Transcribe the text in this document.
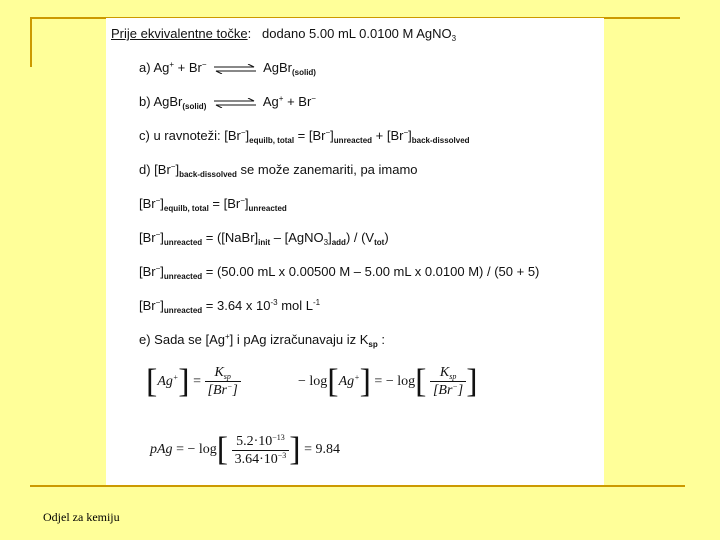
Prije ekvivalentne točke: dodano 5.00 mL 0.0100 M AgNO$_3$
a) Ag+ + Br− ⇌ AgBr$_{(solid)}$
b) AgBr$_{(solid)}$ ⇌ Ag+ + Br−
c) u ravnoteži: $[Br^-]_{equilb, total} = [Br^-]_{unreacted} + [Br^-]_{back-dissolved}$
d) $[Br^-]_{back-dissolved}$ se može zanemariti, pa imamo
$[Br^-]_{equilb, total} = [Br^-]_{unreacted}$
$[Br^-]_{unreacted}$ = ($[NaBr]_{init}$ – $[AgNO_3]_{add}) / (V_{tot})$
$[Br^-]_{unreacted} = (50.00$ mL x 0.00500 M – 5.00 mL x 0.0100 M) / (50 + 5)
$[Br^-]_{unreacted} = 3.64$ x $10^{-3}$ mol $L^{-1}$
e) Sada se [Ag+] i pAg izračunavaju iz $K_{sp}$ :
$[Ag^+] = \frac{K_{sp}}{[Br^-]}$	− log[Ag+] = − $\log[ \frac{K_{sp}}{[Br^-]}$ ]
pAg = − $\log[ \frac{5.2\cdot 10^{-13}}{3.64\cdot 10^{-3}}$ ] = 9.84
Odjel za kemiju
